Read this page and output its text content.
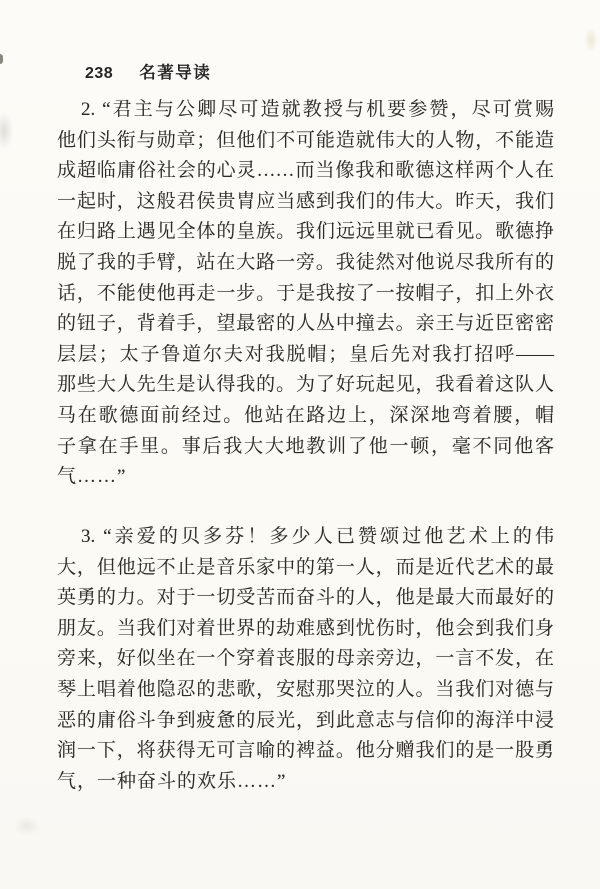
238 名著导读
2. “君主与公卿尽可造就教授与机要参赞，尽可赏赐
他们头衔与勋章；但他们不可能造就伟大的人物，不能造
成超临庸俗社会的心灵……而当像我和歌德这样两个人在
一起时，这般君侯贵胄应当感到我们的伟大。昨天，我们
在归路上遇见全体的皇族。我们远远里就已看见。歌德挣
脱了我的手臂，站在大路一旁。我徒然对他说尽我所有的
话，不能使他再走一步。于是我按了一按帽子，扣上外衣
的钮子，背着手，望最密的人丛中撞去。亲王与近臣密密
层层；太子鲁道尔夫对我脱帽；皇后先对我打招呼——
那些大人先生是认得我的。为了好玩起见，我看着这队人
马在歌德面前经过。他站在路边上，深深地弯着腰，帽
子拿在手里。事后我大大地教训了他一顿，毫不同他客
气……”
3. “亲爱的贝多芬！多少人已赞颂过他艺术上的伟
大，但他远不止是音乐家中的第一人，而是近代艺术的最
英勇的力。对于一切受苦而奋斗的人，他是最大而最好的
朋友。当我们对着世界的劫难感到忧伤时，他会到我们身
旁来，好似坐在一个穿着丧服的母亲旁边，一言不发，在
琴上唱着他隐忍的悲歌，安慰那哭泣的人。当我们对德与
恶的庸俗斗争到疲惫的辰光，到此意志与信仰的海洋中浸
润一下，将获得无可言喻的裨益。他分赠我们的是一股勇
气，一种奋斗的欢乐……”
